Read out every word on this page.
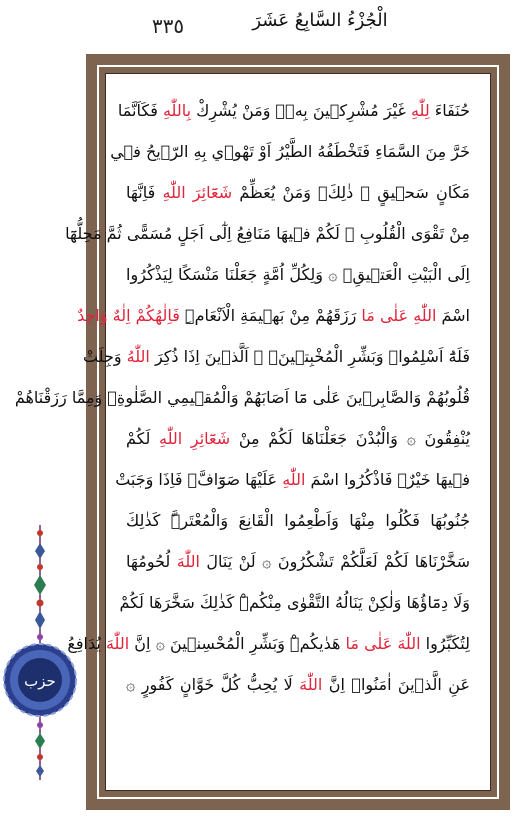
٣٣٥	الْجُزْءُ السَّابِعُ عَشَرَ
حزب
حُنَفَاءَ لِلّٰهِ غَيْرَ مُشْرِك۪ينَ بِه۪ۜ وَمَنْ يُشْرِكْ بِاللّٰهِ فَكَاَنَّمَا
خَرَّ مِنَ السَّمَاءِ فَتَخْطَفُهُ الطَّيْرُ اَوْ تَهْو۪ي بِهِ الرّ۪يحُ ف۪ي
مَكَانٍ سَح۪يقٍ ۞ ذٰلِكَۗ وَمَنْ يُعَظِّمْ شَعَٓائِرَ اللّٰهِ فَاِنَّهَا
مِنْ تَقْوَى الْقُلُوبِ ۞ لَكُمْ ف۪يهَا مَنَافِعُ اِلٰٓى اَجَلٍ مُسَمًّى ثُمَّ مَحِلُّهَٓا
اِلَى الْبَيْتِ الْعَت۪يقِ۟ ۞ وَلِكُلِّ اُمَّةٍ جَعَلْنَا مَنْسَكًا لِيَذْكُرُوا
اسْمَ اللّٰهِ عَلٰى مَا رَزَقَهُمْ مِنْ بَه۪يمَةِ الْاَنْعَامِۜ فَاِلٰهُكُمْ اِلٰهٌ وَاحِدٌ
فَلَهُٓ اَسْلِمُواۜ وَبَشِّرِ الْمُخْبِت۪ينَۙ ۞ اَلَّذ۪ينَ اِذَا ذُكِرَ اللّٰهُ وَجِلَتْ
قُلُوبُهُمْ وَالصَّابِر۪ينَ عَلٰى مَٓا اَصَابَهُمْ وَالْمُق۪يمِي الصَّلٰوةِۙ وَمِمَّا رَزَقْنَاهُمْ
يُنْفِقُونَ ۞ وَالْبُدْنَ جَعَلْنَاهَا لَكُمْ مِنْ شَعَٓائِرِ اللّٰهِ لَكُمْ
ف۪يهَا خَيْرٌۗ فَاذْكُرُوا اسْمَ اللّٰهِ عَلَيْهَا صَوَٓافَّۚ فَاِذَا وَجَبَتْ
جُنُوبُهَا فَكُلُوا مِنْهَا وَاَطْعِمُوا الْقَانِعَ وَالْمُعْتَرَّۜ كَذٰلِكَ
سَخَّرْنَاهَا لَكُمْ لَعَلَّكُمْ تَشْكُرُونَ ۞ لَنْ يَنَالَ اللّٰهَ لُحُومُهَا
وَلَا دِمَٓاؤُهَا وَلٰكِنْ يَنَالُهُ التَّقْوٰى مِنْكُمْۜ كَذٰلِكَ سَخَّرَهَا لَكُمْ
لِتُكَبِّرُوا اللّٰهَ عَلٰى مَا هَدٰيكُمْۜ وَبَشِّرِ الْمُحْسِن۪ينَ ۞ اِنَّ اللّٰهَ يُدَافِعُ
عَنِ الَّذ۪ينَ اٰمَنُواۜ اِنَّ اللّٰهَ لَا يُحِبُّ كُلَّ خَوَّانٍ كَفُورٍ ۞
